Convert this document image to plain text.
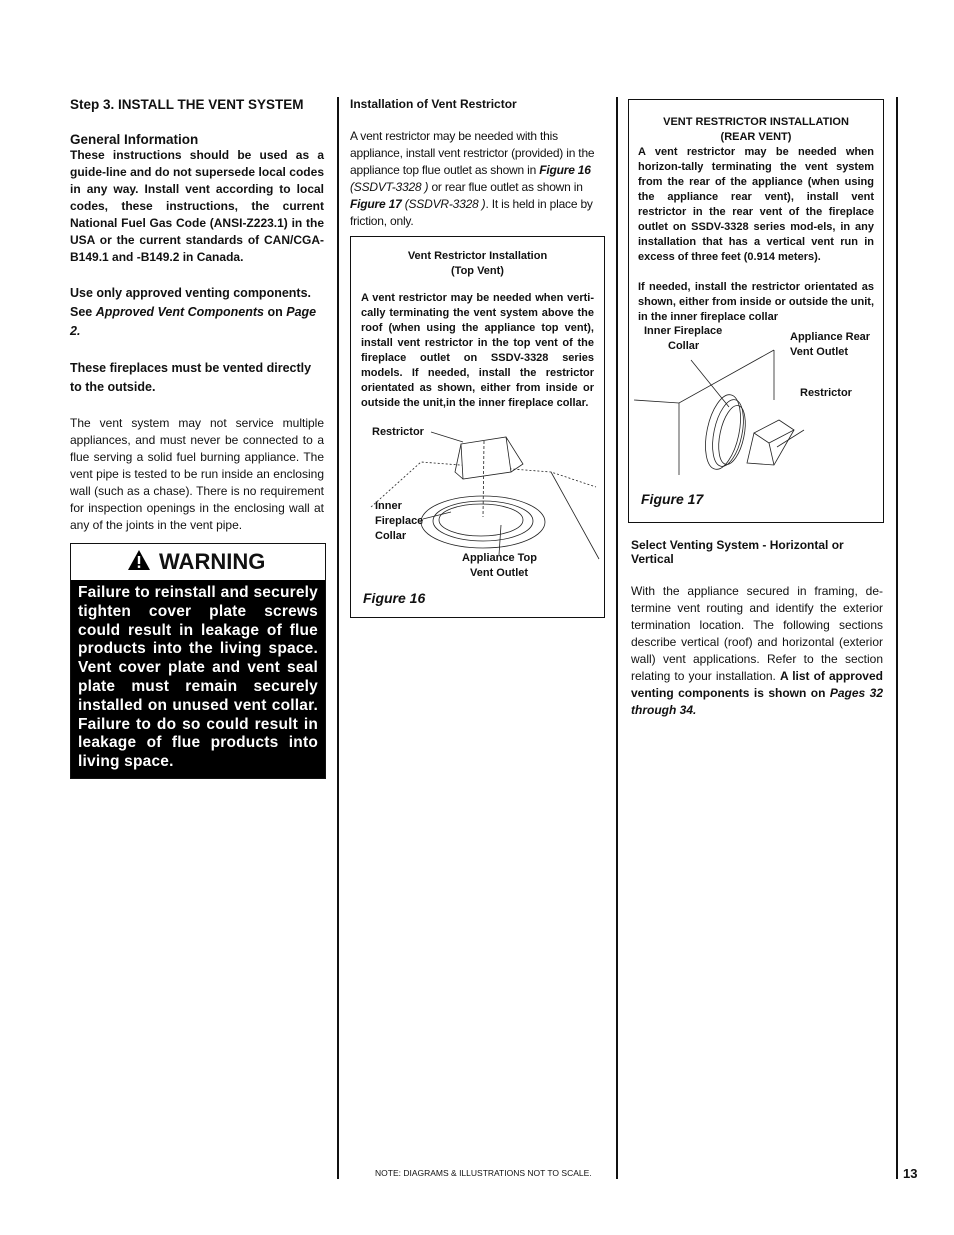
Step 3. INSTALL THE VENT SYSTEM

General Information

These instructions should be used as a guide-line and do not supersede local codes in any way. Install vent according to local codes, these instructions, the current National Fuel Gas Code (ANSI-Z223.1) in the USA or the current standards of CAN/CGA-B149.1 and -B149.2 in Canada.

Use only approved venting components. See Approved Vent Components on Page 2.

These fireplaces must be vented directly to the outside.

The vent system may not service multiple appliances, and must never be connected to a flue serving a solid fuel burning appliance. The vent pipe is tested to be run inside an enclosing wall (such as a chase). There is no requirement for inspection openings in the enclosing wall at any of the joints in the vent pipe.

WARNING
Failure to reinstall and securely tighten cover plate screws could result in leakage of flue products into the living space. Vent cover plate and vent seal plate must remain securely installed on unused vent collar. Failure to do so could result in leakage of flue products into living space.

Installation of Vent Restrictor

A vent restrictor may be needed with this appliance, install vent restrictor (provided) in the appliance top flue outlet as shown in Figure 16 (SSDVT-3328 ) or rear flue outlet as shown in Figure 17 (SSDVR-3328 ). It is held in place by friction, only.

Vent Restrictor Installation

(Top Vent)

A vent restrictor may be needed when verti-cally terminating the vent system above the roof (when using the appliance top vent), install vent restrictor in the top vent of the fireplace outlet on SSDV-3328 series models. If needed, install the restrictor orientated as shown, either from inside or outside the unit,in the inner fireplace collar.

Restrictor
Inner
Fireplace
Collar
Appliance Top
Vent Outlet
Figure 16

VENT RESTRICTOR INSTALLATION

(REAR VENT)

A vent restrictor may be needed when horizon-tally terminating the vent system from the rear of the appliance (when using the appliance rear vent), install vent restrictor in the rear vent of the fireplace outlet on SSDV-3328 series mod-els, in any installation that has a vertical vent run in excess of three feet (0.914 meters).

If needed, install the restrictor orientated as shown, either from inside or outside the unit, in the inner fireplace collar

Inner Fireplace
Collar
Appliance Rear
Vent Outlet
Restrictor
Figure 17

Select Venting System - Horizontal or Vertical

With the appliance secured in framing, de-termine vent routing and identify the exterior termination location. The following sections describe vertical (roof) and horizontal (exterior wall) vent applications. Refer to the section relating to your installation. A list of approved venting components is shown on Pages 32 through 34.

NOTE: DIAGRAMS & ILLUSTRATIONS NOT TO SCALE.	13
